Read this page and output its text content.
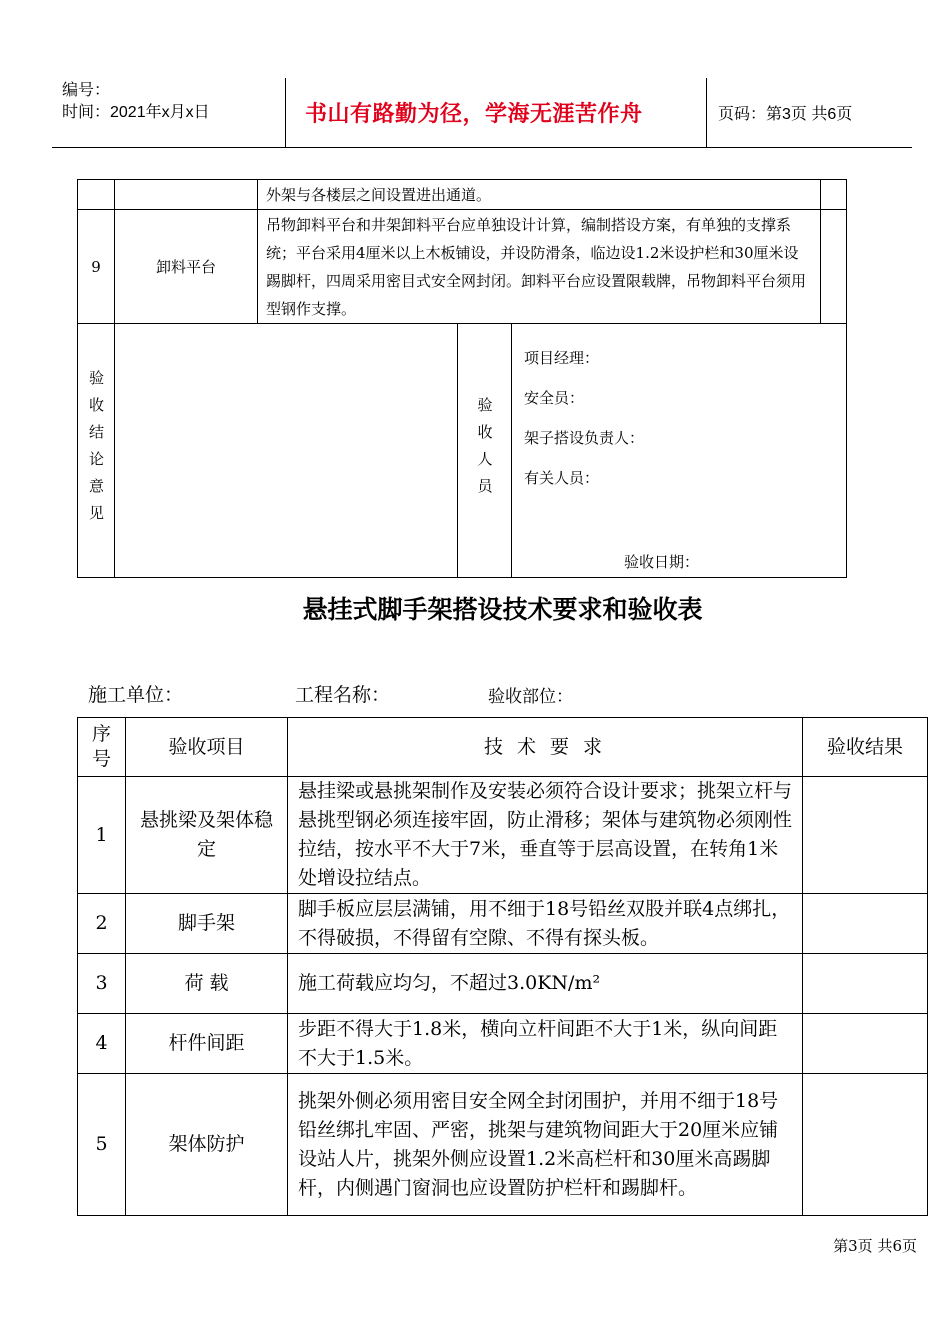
编号：
时间：2021年x月x日	书山有路勤为径，学海无涯苦作舟	页码：第3页 共6页
		外架与各楼层之间设置进出通道。			
9	卸料平台	吊物卸料平台和井架卸料平台应单独设计计算，编制搭设方案，有单独的支撑系统；平台采用4厘米以上木板铺设，并设防滑条，临边设1.2米设护栏和30厘米设踢脚杆，四周采用密目式安全网封闭。卸料平台应设置限载牌，吊物卸料平台须用型钢作支撑。			

验收结论意见			验收人员	项目经理：

安全员：

架子搭设负责人：

有关人员：

验收日期：	
悬挂式脚手架搭设技术要求和验收表
施工单位：	工程名称：	验收部位：
序号	验收项目	技 术 要 求	验收结果
1	悬挑梁及架体稳 定	悬挂梁或悬挑架制作及安装必须符合设计要求；挑架立杆与悬挑型钢必须连接牢固，防止滑移；架体与建筑物必须刚性拉结，按水平不大于7米，垂直等于层高设置，在转角1米处增设拉结点。	
2	脚手架	脚手板应层层满铺，用不细于18号铅丝双股并联4点绑扎，不得破损，不得留有空隙、不得有探头板。	
3	荷 载	施工荷载应均匀，不超过3.0KN/m²	
4	杆件间距	步距不得大于1.8米，横向立杆间距不大于1米，纵向间距不大于1.5米。	
5	架体防护	挑架外侧必须用密目安全网全封闭围护，并用不细于18号铅丝绑扎牢固、严密，挑架与建筑物间距大于20厘米应铺设站人片，挑架外侧应设置1.2米高栏杆和30厘米高踢脚杆，内侧遇门窗洞也应设置防护栏杆和踢脚杆。	
第3页 共6页
